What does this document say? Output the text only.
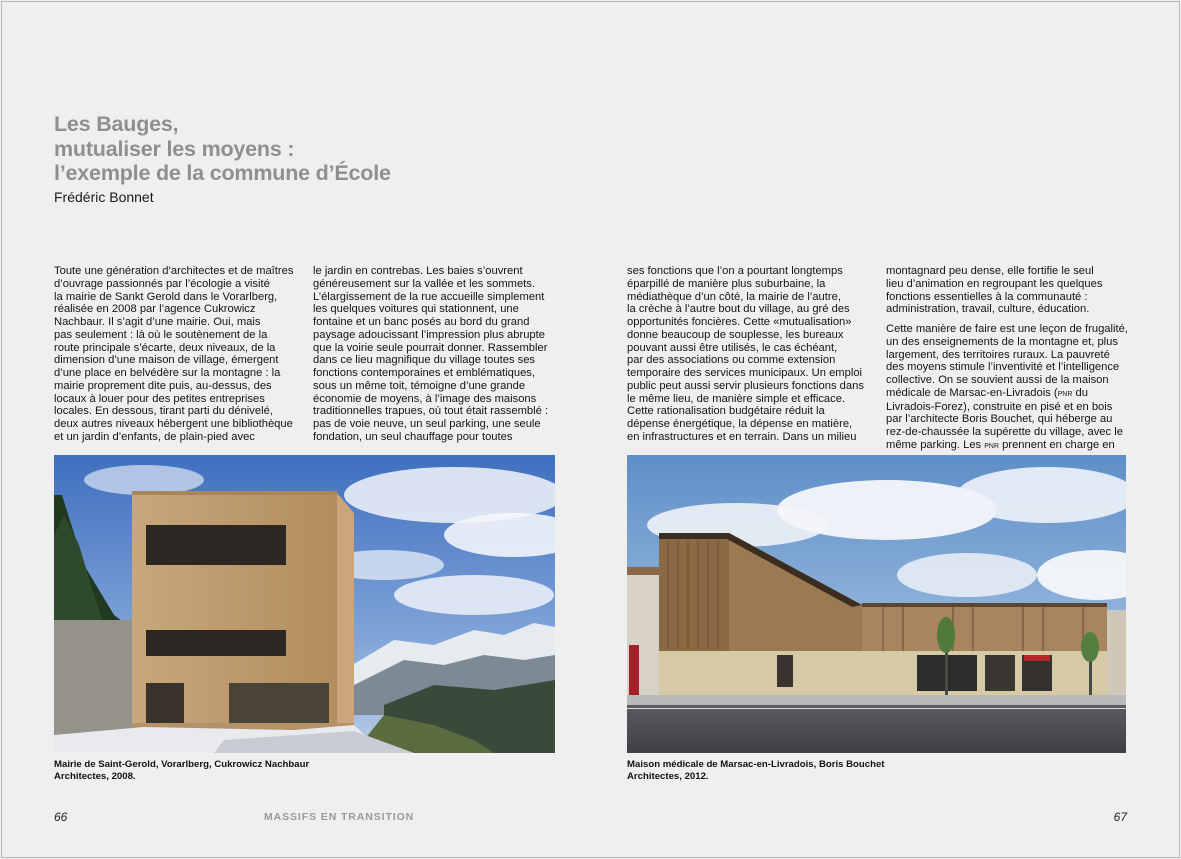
Les Bauges,
mutualiser les moyens :
l’exemple de la commune d’École
Frédéric Bonnet

Toute une génération d’architectes et de maîtres

d’ouvrage passionnés par l’écologie a visité

la mairie de Sankt Gerold dans le Vorarlberg,

réalisée en 2008 par l’agence Cukrowicz

Nachbaur. Il s’agit d’une mairie. Oui, mais

pas seulement : là où le soutènement de la

route principale s’écarte, deux niveaux, de la

dimension d’une maison de village, émergent

d’une place en belvédère sur la montagne : la

mairie proprement dite puis, au-dessus, des

locaux à louer pour des petites entreprises

locales. En dessous, tirant parti du dénivelé,

deux autres niveaux hébergent une bibliothèque

et un jardin d’enfants, de plain-pied avec

le jardin en contrebas. Les baies s’ouvrent

généreusement sur la vallée et les sommets.

L’élargissement de la rue accueille simplement

les quelques voitures qui stationnent, une

fontaine et un banc posés au bord du grand

paysage adoucissant l’impression plus abrupte

que la voirie seule pourrait donner. Rassembler

dans ce lieu magnifique du village toutes ses

fonctions contemporaines et emblématiques,

sous un même toit, témoigne d’une grande

économie de moyens, à l’image des maisons

traditionnelles trapues, où tout était rassemblé :

pas de voie neuve, un seul parking, une seule

fondation, un seul chauffage pour toutes

ses fonctions que l’on a pourtant longtemps

éparpillé de manière plus suburbaine, la

médiathèque d’un côté, la mairie de l’autre,

la crèche à l’autre bout du village, au gré des

opportunités foncières. Cette «mutualisation»

donne beaucoup de souplesse, les bureaux

pouvant aussi être utilisés, le cas échéant,

par des associations ou comme extension

temporaire des services municipaux. Un emploi

public peut aussi servir plusieurs fonctions dans

le même lieu, de manière simple et efficace.

Cette rationalisation budgétaire réduit la

dépense énergétique, la dépense en matière,

en infrastructures et en terrain. Dans un milieu

montagnard peu dense, elle fortifie le seul

lieu d’animation en regroupant les quelques

fonctions essentielles à la communauté :

administration, travail, culture, éducation.

Cette manière de faire est une leçon de frugalité,

un des enseignements de la montagne et, plus

largement, des territoires ruraux. La pauvreté

des moyens stimule l’inventivité et l’intelligence

collective. On se souvient aussi de la maison

médicale de Marsac-en-Livradois (pnr du

Livradois-Forez), construite en pisé et en bois

par l’architecte Boris Bouchet, qui héberge au

rez-de-chaussée la supérette du village, avec le

même parking. Les pnr prennent en charge en

Mairie de Saint-Gerold, Vorarlberg, Cukrowicz Nachbaur
Architectes, 2008.
Maison médicale de Marsac-en-Livradois, Boris Bouchet
Architectes, 2012.
66	MASSIFS EN TRANSITION	67
